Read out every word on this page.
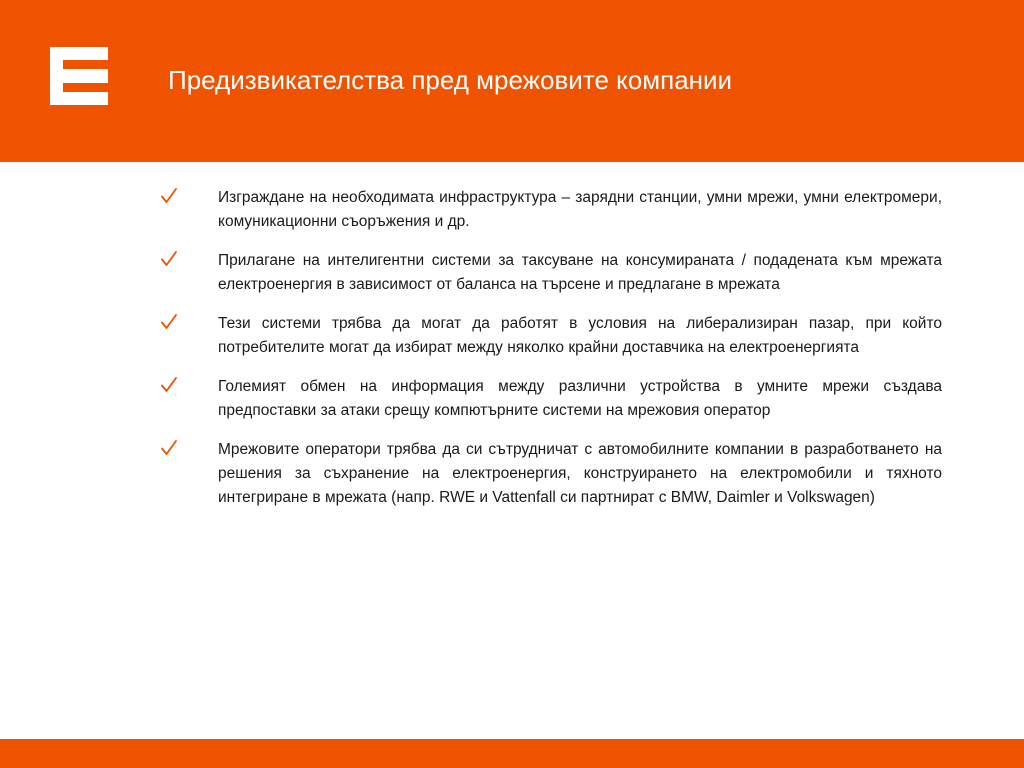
Предизвикателства пред мрежовите компании
Изграждане на необходимата инфраструктура – зарядни станции, умни мрежи, умни електромери, комуникационни съоръжения и др.
Прилагане на интелигентни системи за таксуване на консумираната / подадената към мрежата електроенергия в зависимост от баланса на търсене и предлагане в мрежата
Тези системи трябва да могат да работят в условия на либерализиран пазар, при който потребителите могат да избират между няколко крайни доставчика на електроенергията
Големият обмен на информация между различни устройства в умните мрежи създава предпоставки за атаки срещу компютърните системи на мрежовия оператор
Мрежовите оператори трябва да си сътрудничат с автомобилните компании в разработването на решения за съхранение на електроенергия, конструирането на електромобили и тяхното интегриране в мрежата (напр. RWE и Vattenfall си партнират с BMW, Daimler и Volkswagen)
